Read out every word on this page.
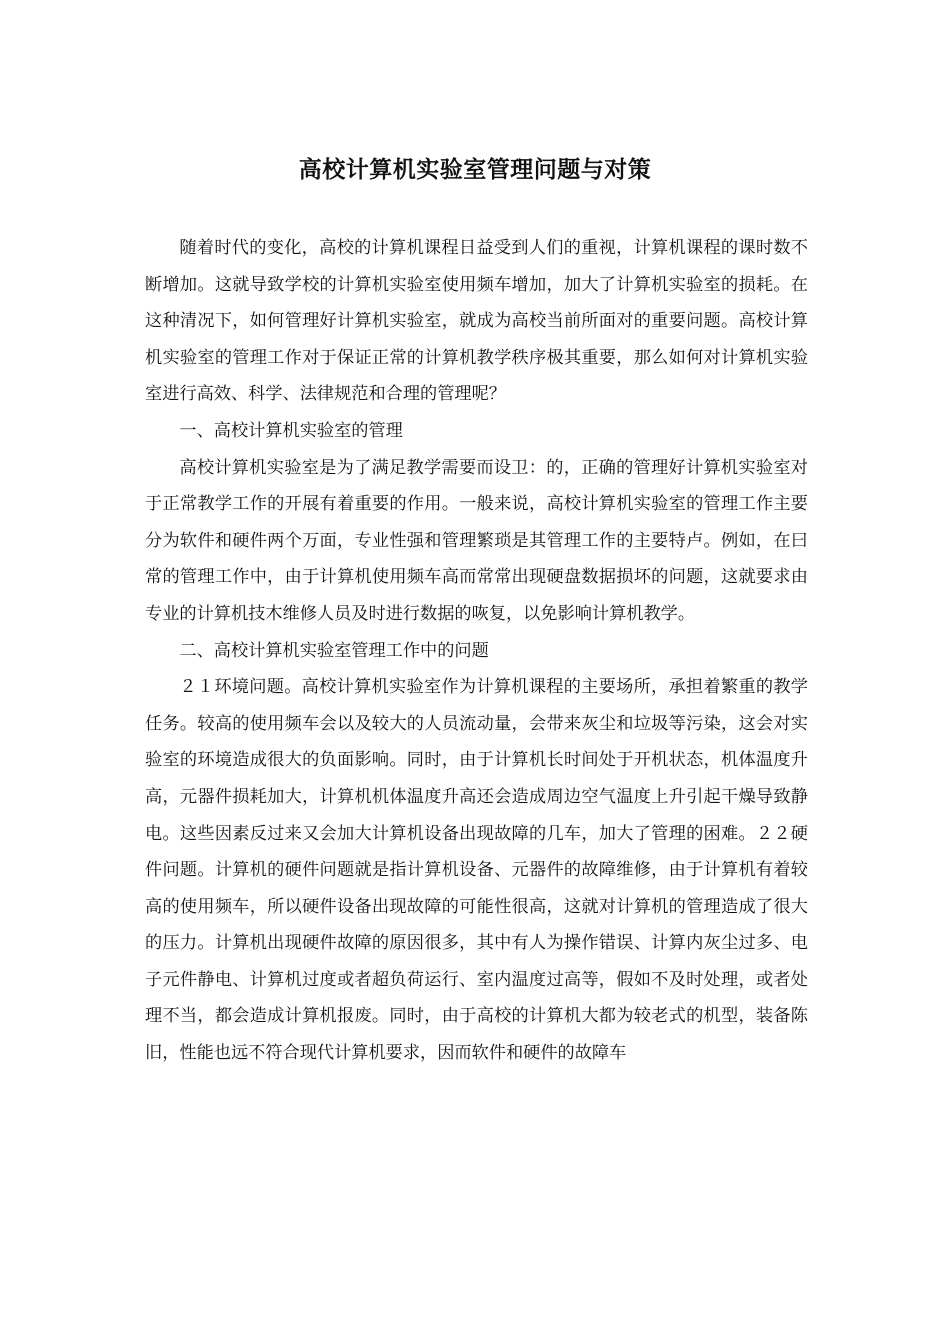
高校计算机实验室管理问题与对策

随着时代的变化，高校的计算机课程日益受到人们的重视，计算机课程的课时数不断增加。这就导致学校的计算机实验室使用频车增加，加大了计算机实验室的损耗。在这种清况下，如何管理好计算机实验室，就成为高校当前所面对的重要问题。高校计算机实验室的管理工作对于保证正常的计算机教学秩序极其重要，那么如何对计算机实验室进行高效、科学、法律规范和合理的管理呢？

一、高校计算机实验室的管理

高校计算机实验室是为了满足教学需要而设卫：的，正确的管理好计算机实验室对于正常教学工作的开展有着重要的作用。一般来说，高校计算机实验室的管理工作主要分为软件和硬件两个万面，专业性强和管理繁琐是其管理工作的主要特卢。例如，在曰常的管理工作中，由于计算机使用频车高而常常出现硬盘数据损坏的问题，这就要求由专业的计算机技木维修人员及时进行数据的咴复，以免影响计算机教学。

二、高校计算机实验室管理工作中的问题

２１环境问题。高校计算机实验室作为计算机课程的主要场所，承担着繁重的教学任务。较高的使用频车会以及较大的人员流动量，会带来灰尘和垃圾等污染，这会对实验室的环境造成很大的负面影响。同时，由于计算机长时间处于开机状态，机体温度升高，元器件损耗加大，计算机机体温度升高还会造成周边空气温度上升引起干燥导致静电。这些因素反过来又会加大计算机设备出现故障的几车，加大了管理的困难。２２硬件问题。计算机的硬件问题就是指计算机设备、元器件的故障维修，由于计算机有着较高的使用频车，所以硬件设备出现故障的可能性很高，这就对计算机的管理造成了很大的压力。计算机出现硬件故障的原因很多，其中有人为操作错误、计算内灰尘过多、电子元件静电、计算机过度或者超负荷运行、室内温度过高等，假如不及时处理，或者处理不当，都会造成计算机报废。同时，由于高校的计算机大都为较老式的机型，装备陈旧，性能也远不符合现代计算机要求，因而软件和硬件的故障车
